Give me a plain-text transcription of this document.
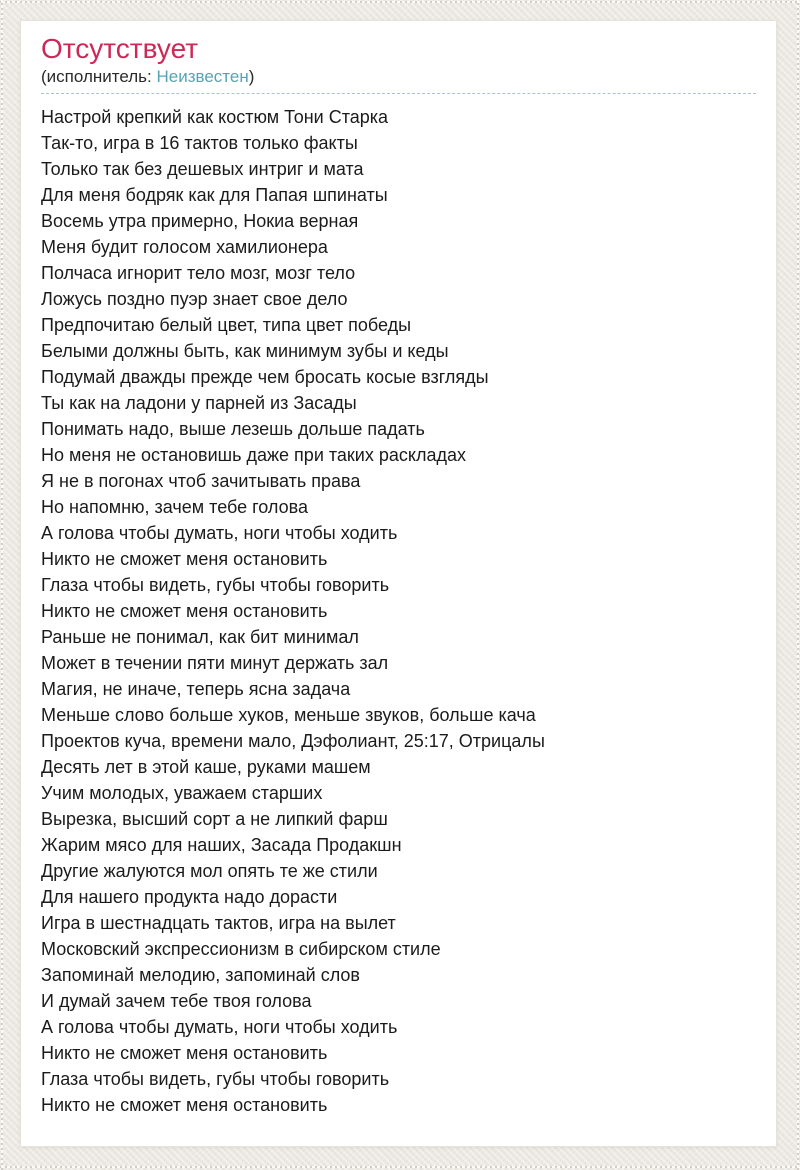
Отсутствует
(исполнитель: Неизвестен)
Настрой крепкий как костюм Тони Старка
Так-то, игра в 16 тактов только факты
Только так без дешевых интриг и мата
Для меня бодряк как для Папая шпинаты
Восемь утра примерно, Нокиа верная
Меня будит голосом хамилионера
Полчаса игнорит тело мозг, мозг тело
Ложусь поздно пуэр знает свое дело
Предпочитаю белый цвет, типа цвет победы
Белыми должны быть, как минимум зубы и кеды
Подумай дважды прежде чем бросать косые взгляды
Ты как на ладони у парней из Засады
Понимать надо, выше лезешь дольше падать
Но меня не остановишь даже при таких раскладах
Я не в погонах чтоб зачитывать права
Но напомню, зачем тебе голова
А голова чтобы думать, ноги чтобы ходить
Никто не сможет меня остановить
Глаза чтобы видеть, губы чтобы говорить
Никто не сможет меня остановить
Раньше не понимал, как бит минимал
Может в течении пяти минут держать зал
Магия, не иначе, теперь ясна задача
Меньше слово больше хуков, меньше звуков, больше кача
Проектов куча, времени мало, Дэфолиант, 25:17, Отрицалы
Десять лет в этой каше, руками машем
Учим молодых, уважаем старших
Вырезка, высший сорт а не липкий фарш
Жарим мясо для наших, Засада Продакшн
Другие жалуются мол опять те же стили
Для нашего продукта надо дорасти
Игра в шестнадцать тактов, игра на вылет
Московский экспрессионизм в сибирском стиле
Запоминай мелодию, запоминай слов
И думай зачем тебе твоя голова
А голова чтобы думать, ноги чтобы ходить
Никто не сможет меня остановить
Глаза чтобы видеть, губы чтобы говорить
Никто не сможет меня остановить
